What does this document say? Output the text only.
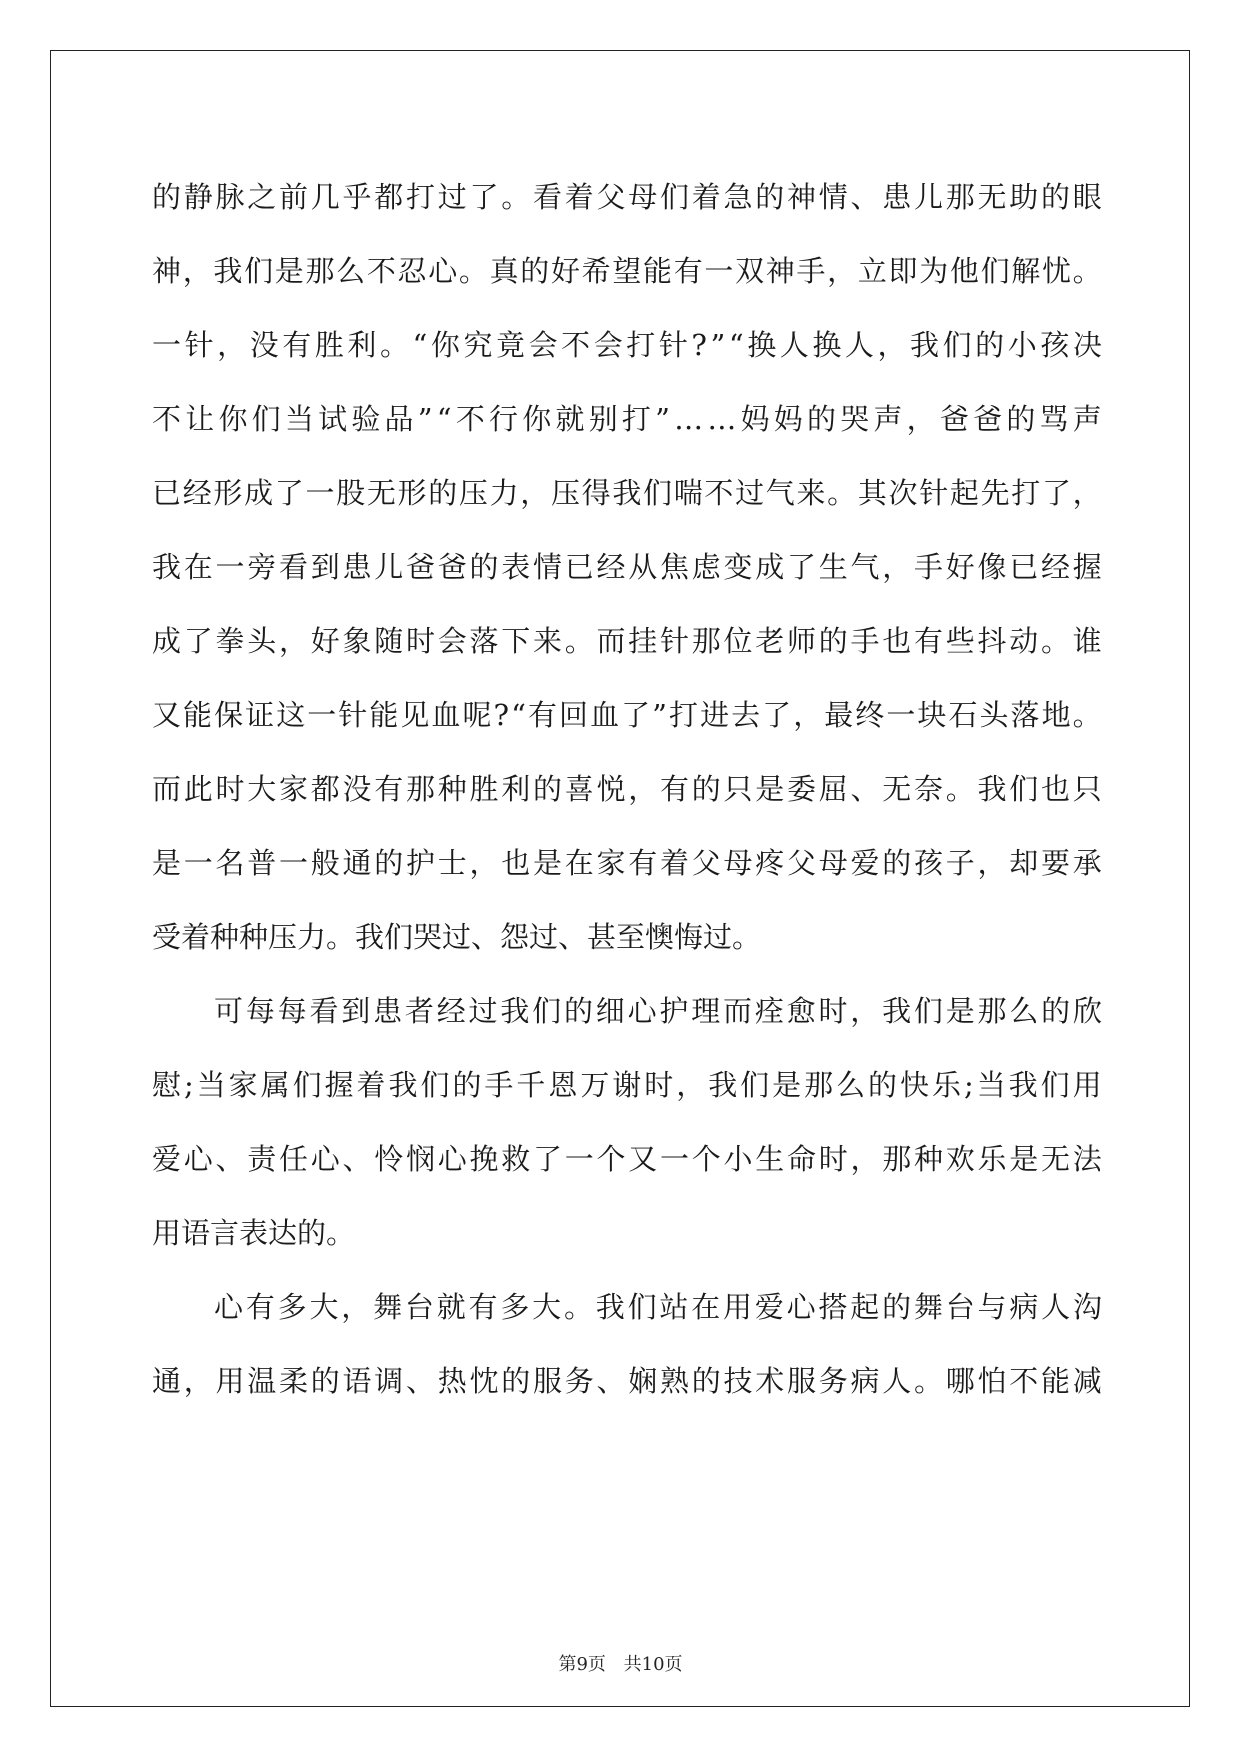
的 静 脉 之 前 几 乎 都 打 过 了 。 看 着 父 母 们 着 急 的 神 情 、 患 儿 那 无 助 的 眼
神 ， 我 们 是 那 么 不 忍 心 。 真 的 好 希 望 能 有 一 双 神 手 ， 立 即 为 他 们 解 忧 。
一 针 ， 没 有 胜 利 。 “ 你 究 竟 会 不 会 打 针 ? ” “ 换 人 换 人 ， 我 们 的 小 孩 决
不 让 你 们 当 试 验 品 ” “ 不 行 你 就 别 打 ” … … 妈 妈 的 哭 声 ， 爸 爸 的 骂 声
已 经 形 成 了 一 股 无 形 的 压 力 ， 压 得 我 们 喘 不 过 气 来 。 其 次 针 起 先 打 了 ，
我 在 一 旁 看 到 患 儿 爸 爸 的 表 情 已 经 从 焦 虑 变 成 了 生 气 ， 手 好 像 已 经 握
成 了 拳 头 ， 好 象 随 时 会 落 下 来 。 而 挂 针 那 位 老 师 的 手 也 有 些 抖 动 。 谁
又 能 保 证 这 一 针 能 见 血 呢 ? “ 有 回 血 了 ” 打 进 去 了 ， 最 终 一 块 石 头 落 地 。
而 此 时 大 家 都 没 有 那 种 胜 利 的 喜 悦 ， 有 的 只 是 委 屈 、 无 奈 。 我 们 也 只
是 一 名 普 一 般 通 的 护 士 ， 也 是 在 家 有 着 父 母 疼 父 母 爱 的 孩 子 ， 却 要 承
受着种种压力。我们哭过、怨过、甚至懊悔过。
可 每 每 看 到 患 者 经 过 我 们 的 细 心 护 理 而 痊 愈 时 ， 我 们 是 那 么 的 欣
慰 ; 当 家 属 们 握 着 我 们 的 手 千 恩 万 谢 时 ， 我 们 是 那 么 的 快 乐 ; 当 我 们 用
爱 心 、 责 任 心 、 怜 悯 心 挽 救 了 一 个 又 一 个 小 生 命 时 ， 那 种 欢 乐 是 无 法
用语言表达的。
心 有 多 大 ， 舞 台 就 有 多 大 。 我 们 站 在 用 爱 心 搭 起 的 舞 台 与 病 人 沟
通 ， 用 温 柔 的 语 调 、 热 忱 的 服 务 、 娴 熟 的 技 术 服 务 病 人 。 哪 怕 不 能 减
第9页 共10页
